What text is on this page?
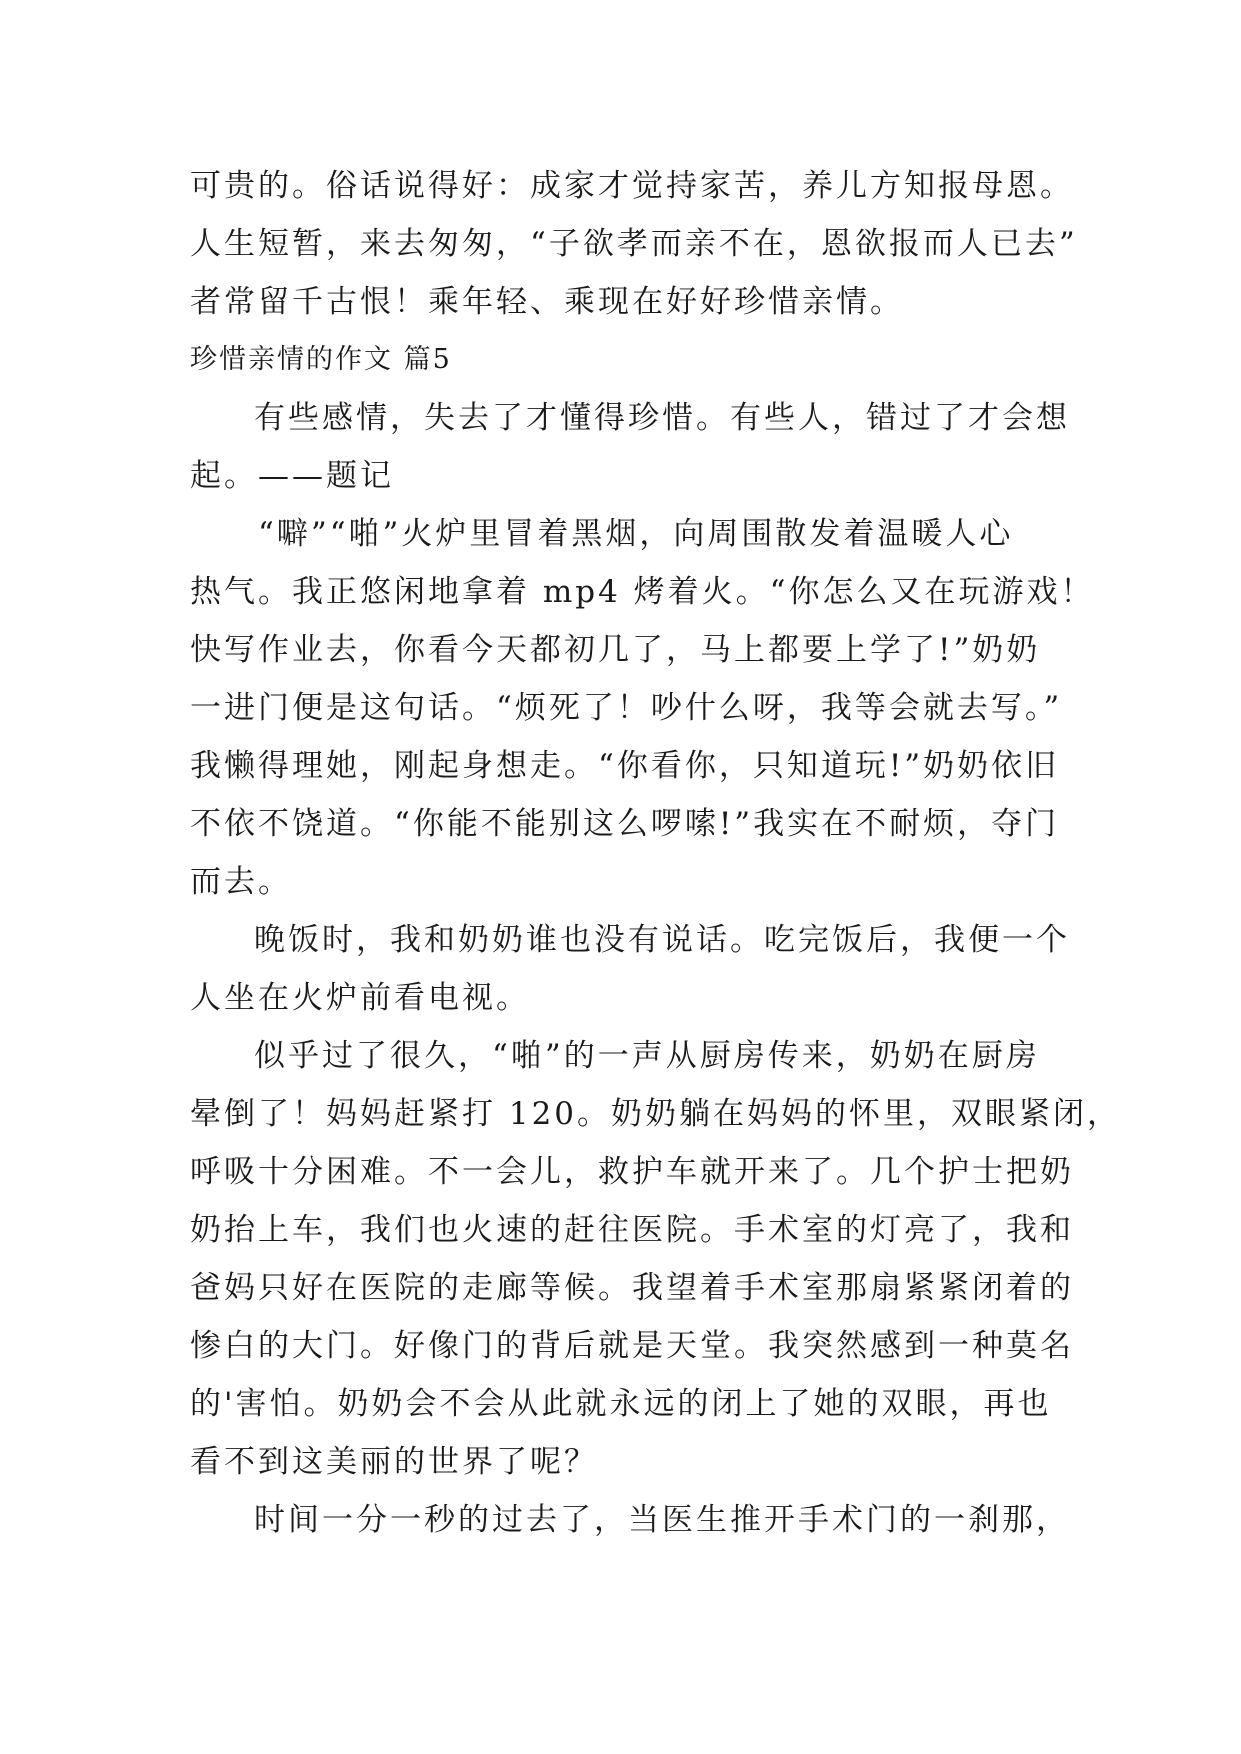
可贵的。俗话说得好：成家才觉持家苦，养儿方知报母恩。
人生短暂，来去匆匆，“子欲孝而亲不在，恩欲报而人已去”
者常留千古恨！乘年轻、乘现在好好珍惜亲情。
珍惜亲情的作文 篇5
有些感情，失去了才懂得珍惜。有些人，错过了才会想
起。——题记
“噼”“啪”火炉里冒着黑烟，向周围散发着温暖人心
热气。我正悠闲地拿着 mp4 烤着火。“你怎么又在玩游戏！
快写作业去，你看今天都初几了，马上都要上学了!”奶奶
一进门便是这句话。“烦死了！吵什么呀，我等会就去写。”
我懒得理她，刚起身想走。“你看你，只知道玩!”奶奶依旧
不依不饶道。“你能不能别这么啰嗦!”我实在不耐烦，夺门
而去。
晚饭时，我和奶奶谁也没有说话。吃完饭后，我便一个
人坐在火炉前看电视。
似乎过了很久，“啪”的一声从厨房传来，奶奶在厨房
晕倒了！妈妈赶紧打 120。奶奶躺在妈妈的怀里，双眼紧闭，
呼吸十分困难。不一会儿，救护车就开来了。几个护士把奶
奶抬上车，我们也火速的赶往医院。手术室的灯亮了，我和
爸妈只好在医院的走廊等候。我望着手术室那扇紧紧闭着的
惨白的大门。好像门的背后就是天堂。我突然感到一种莫名
的'害怕。奶奶会不会从此就永远的闭上了她的双眼，再也
看不到这美丽的世界了呢？
时间一分一秒的过去了，当医生推开手术门的一刹那，
